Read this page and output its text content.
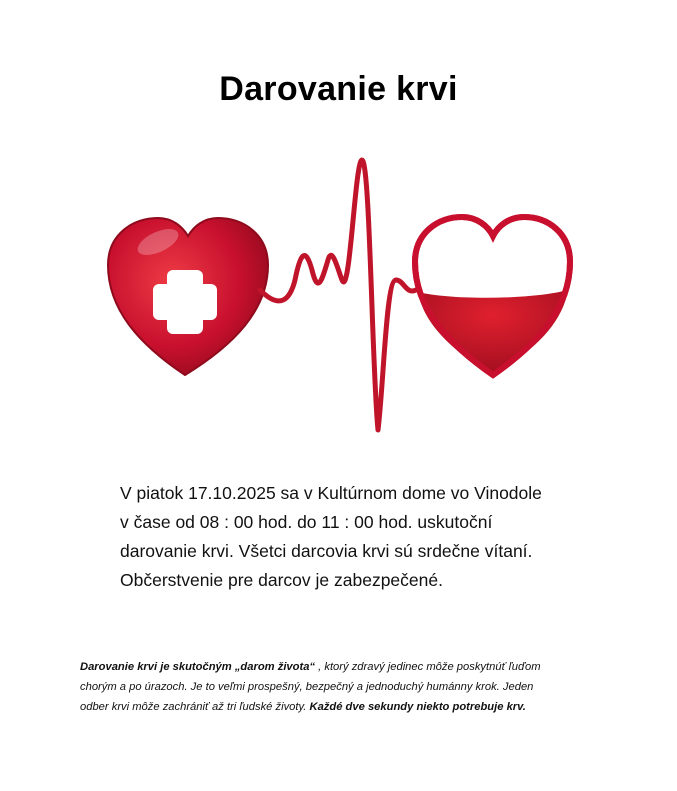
Darovanie krvi

V piatok 17.10.2025 sa v Kultúrnom dome vo Vinodole
v čase od 08 : 00 hod. do 11 : 00 hod. uskutoční
darovanie krvi. Všetci darcovia krvi sú srdečne vítaní.
Občerstvenie pre darcov je zabezpečené.

Darovanie krvi je skutočným „darom života“ , ktorý zdravý jedinec môže poskytnúť ľuďom
chorým a po úrazoch. Je to veľmi prospešný, bezpečný a jednoduchý humánny krok. Jeden
odber krvi môže zachrániť až tri ľudské životy. Každé dve sekundy niekto potrebuje krv.
